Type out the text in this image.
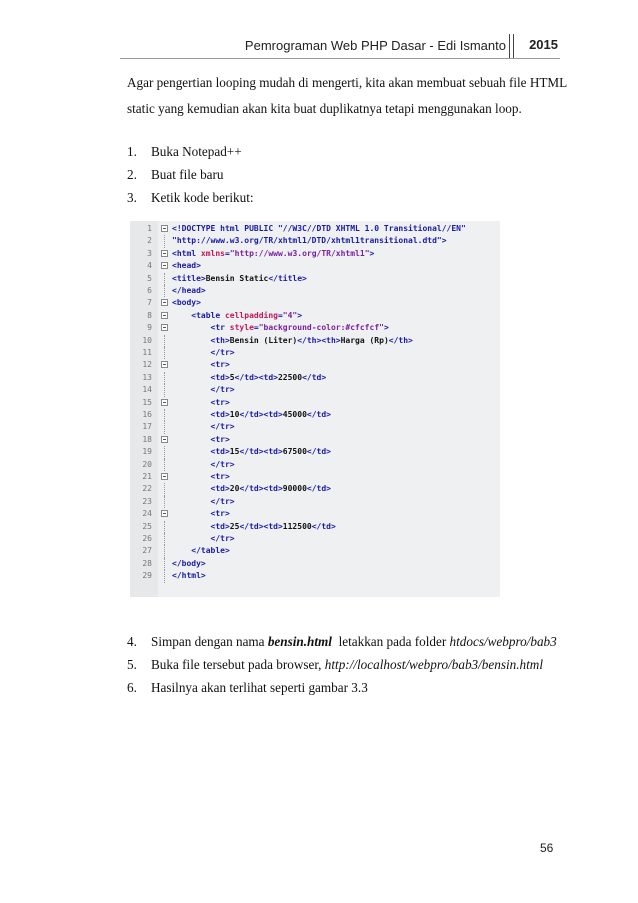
Pemrograman Web PHP Dasar - Edi Ismanto 2015

Agar pengertian looping mudah di mengerti, kita akan membuat sebuah file HTML

static yang kemudian akan kita buat duplikatnya tetapi menggunakan loop.

1. Buka Notepad++
2. Buat file baru
3. Ketik kode berikut:
1	<!DOCTYPE html PUBLIC "//W3C//DTD XHTML 1.0 Transitional//EN"
2	"http://www.w3.org/TR/xhtml1/DTD/xhtml1transitional.dtd">
3	<html xmlns="http://www.w3.org/TR/xhtml1">
4	<head>
5	<title>Bensin Static</title>
6	</head>
7	<body>
8	<table cellpadding="4">
9	<tr style="background-color:#cfcfcf">
10	<th>Bensin (Liter)</th><th>Harga (Rp)</th>
11	</tr>
12	<tr>
13	<td>5</td><td>22500</td>
14	</tr>
15	<tr>
16	<td>10</td><td>45000</td>
17	</tr>
18	<tr>
19	<td>15</td><td>67500</td>
20	</tr>
21	<tr>
22	<td>20</td><td>90000</td>
23	</tr>
24	<tr>
25	<td>25</td><td>112500</td>
26	</tr>
27	</table>
28	</body>
29	</html>
4. Simpan dengan nama bensin.html  letakkan pada folder htdocs/webpro/bab3
5. Buka file tersebut pada browser, http://localhost/webpro/bab3/bensin.html
6. Hasilnya akan terlihat seperti gambar 3.3
56
